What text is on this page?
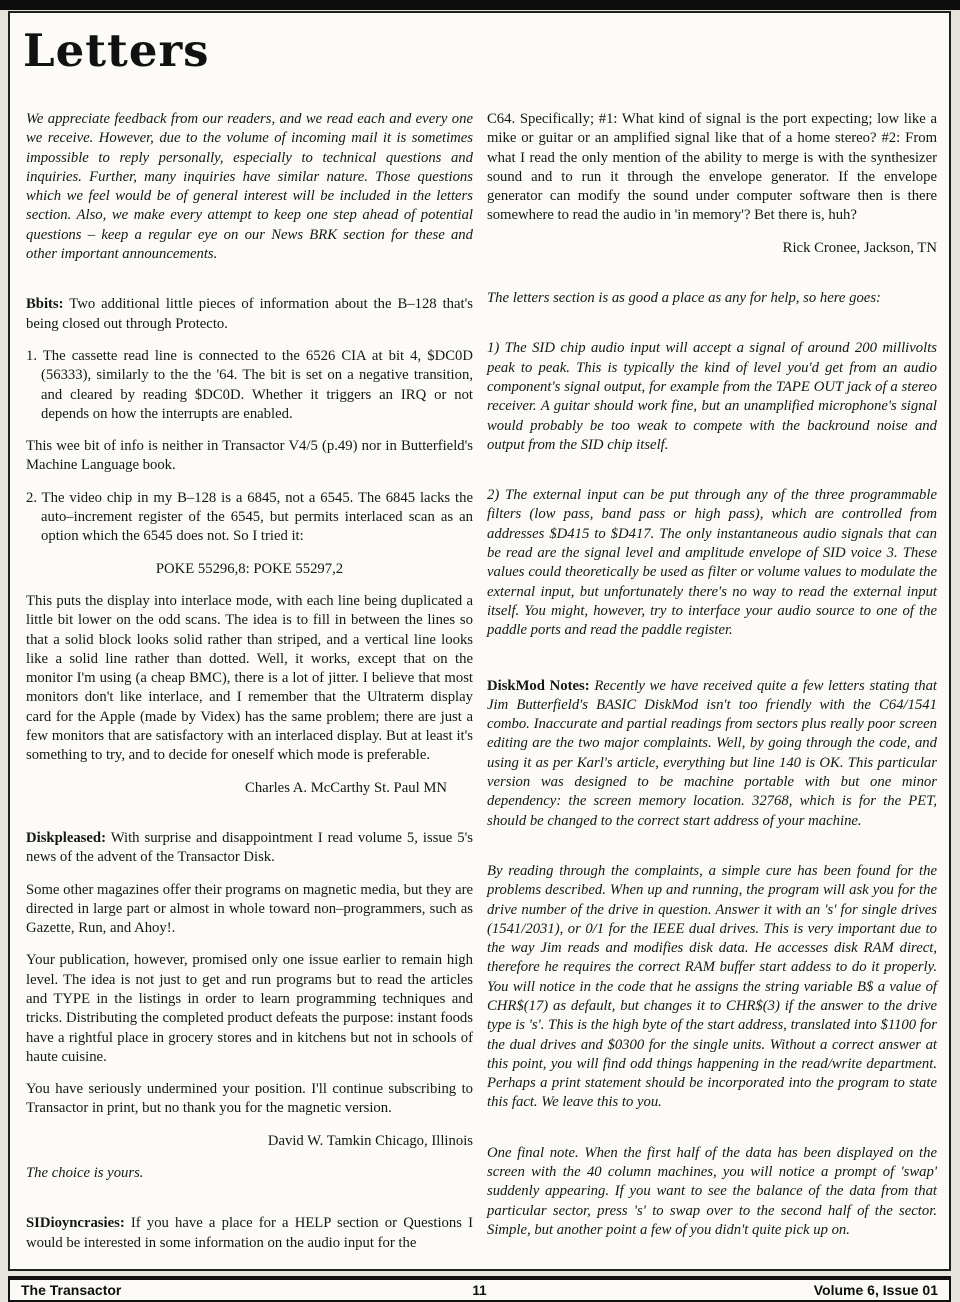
Letters

We appreciate feedback from our readers, and we read each and every one we receive. However, due to the volume of incoming mail it is sometimes impossible to reply personally, especially to technical questions and inquiries. Further, many inquiries have similar nature. Those questions which we feel would be of general interest will be included in the letters section. Also, we make every attempt to keep one step ahead of potential questions – keep a regular eye on our News BRK section for these and other important announcements.

Bbits: Two additional little pieces of information about the B–128 that's being closed out through Protecto.

1. The cassette read line is connected to the 6526 CIA at bit 4, $DC0D (56333), similarly to the the '64. The bit is set on a negative transition, and cleared by reading $DC0D. Whether it triggers an IRQ or not depends on how the interrupts are enabled.

This wee bit of info is neither in Transactor V4/5 (p.49) nor in Butterfield's Machine Language book.

2. The video chip in my B–128 is a 6845, not a 6545. The 6845 lacks the auto–increment register of the 6545, but permits interlaced scan as an option which the 6545 does not. So I tried it:

POKE 55296,8: POKE 55297,2

This puts the display into interlace mode, with each line being duplicated a little bit lower on the odd scans. The idea is to fill in between the lines so that a solid block looks solid rather than striped, and a vertical line looks like a solid line rather than dotted. Well, it works, except that on the monitor I'm using (a cheap BMC), there is a lot of jitter. I believe that most monitors don't like interlace, and I remember that the Ultraterm display card for the Apple (made by Videx) has the same problem; there are just a few monitors that are satisfactory with an interlaced display. But at least it's something to try, and to decide for oneself which mode is preferable.

Charles A. McCarthy St. Paul MN

Diskpleased: With surprise and disappointment I read volume 5, issue 5's news of the advent of the Transactor Disk.

Some other magazines offer their programs on magnetic media, but they are directed in large part or almost in whole toward non–programmers, such as Gazette, Run, and Ahoy!.

Your publication, however, promised only one issue earlier to remain high level. The idea is not just to get and run programs but to read the articles and TYPE in the listings in order to learn programming techniques and tricks. Distributing the completed product defeats the purpose: instant foods have a rightful place in grocery stores and in kitchens but not in schools of haute cuisine.

You have seriously undermined your position. I'll continue subscribing to Transactor in print, but no thank you for the magnetic version.

David W. Tamkin Chicago, Illinois

The choice is yours.

SIDioyncrasies: If you have a place for a HELP section or Questions I would be interested in some information on the audio input for the

C64. Specifically; #1: What kind of signal is the port expecting; low like a mike or guitar or an amplified signal like that of a home stereo? #2: From what I read the only mention of the ability to merge is with the synthesizer sound and to run it through the envelope generator. If the envelope generator can modify the sound under computer software then is there somewhere to read the audio in 'in memory'? Bet there is, huh?

Rick Cronee, Jackson, TN

The letters section is as good a place as any for help, so here goes:

1) The SID chip audio input will accept a signal of around 200 millivolts peak to peak. This is typically the kind of level you'd get from an audio component's signal output, for example from the TAPE OUT jack of a stereo receiver. A guitar should work fine, but an unamplified microphone's signal would probably be too weak to compete with the backround noise and output from the SID chip itself.

2) The external input can be put through any of the three programmable filters (low pass, band pass or high pass), which are controlled from addresses $D415 to $D417. The only instantaneous audio signals that can be read are the signal level and amplitude envelope of SID voice 3. These values could theoretically be used as filter or volume values to modulate the external input, but unfortunately there's no way to read the external input itself. You might, however, try to interface your audio source to one of the paddle ports and read the paddle register.

DiskMod Notes: Recently we have received quite a few letters stating that Jim Butterfield's BASIC DiskMod isn't too friendly with the C64/1541 combo. Inaccurate and partial readings from sectors plus really poor screen editing are the two major complaints. Well, by going through the code, and using it as per Karl's article, everything but line 140 is OK. This particular version was designed to be machine portable with but one minor dependency: the screen memory location. 32768, which is for the PET, should be changed to the correct start address of your machine.

By reading through the complaints, a simple cure has been found for the problems described. When up and running, the program will ask you for the drive number of the drive in question. Answer it with an 's' for single drives (1541/2031), or 0/1 for the IEEE dual drives. This is very important due to the way Jim reads and modifies disk data. He accesses disk RAM direct, therefore he requires the correct RAM buffer start addess to do it properly. You will notice in the code that he assigns the string variable B$ a value of CHR$(17) as default, but changes it to CHR$(3) if the answer to the drive type is 's'. This is the high byte of the start address, translated into $1100 for the dual drives and $0300 for the single units. Without a correct answer at this point, you will find odd things happening in the read/write department. Perhaps a print statement should be incorporated into the program to state this fact. We leave this to you.

One final note. When the first half of the data has been displayed on the screen with the 40 column machines, you will notice a prompt of 'swap' suddenly appearing. If you want to see the balance of the data from that particular sector, press 's' to swap over to the second half of the sector. Simple, but another point a few of you didn't quite pick up on.

The Transactor	11	Volume 6, Issue 01
